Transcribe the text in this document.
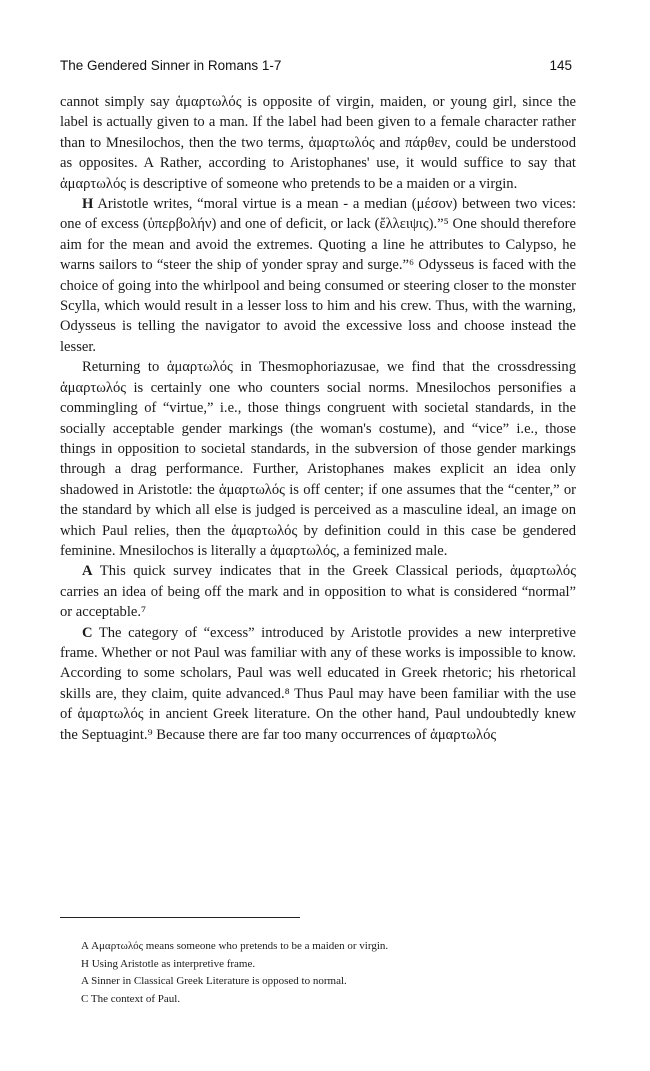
The Gendered Sinner in Romans 1-7	145

cannot simply say ἁμαρτωλός is opposite of virgin, maiden, or young girl, since the label is actually given to a man. If the label had been given to a female character rather than to Mnesilochos, then the two terms, ἁμαρτωλός and πάρθεν, could be understood as opposites. A Rather, according to Aristophanes' use, it would suffice to say that ἁμαρτωλός is descriptive of someone who pretends to be a maiden or a virgin.

H Aristotle writes, “moral virtue is a mean - a median (μέσον) between two vices: one of excess (ὑπερβολήν) and one of deficit, or lack (ἔλλειψις).”⁵ One should therefore aim for the mean and avoid the extremes. Quoting a line he attributes to Calypso, he warns sailors to “steer the ship of yonder spray and surge.”⁶ Odysseus is faced with the choice of going into the whirlpool and being consumed or steering closer to the monster Scylla, which would result in a lesser loss to him and his crew. Thus, with the warning, Odysseus is telling the navigator to avoid the excessive loss and choose instead the lesser.

Returning to ἁμαρτωλός in Thesmophoriazusae, we find that the crossdressing ἁμαρτωλός is certainly one who counters social norms. Mnesilochos personifies a commingling of “virtue,” i.e., those things congruent with societal standards, in the socially acceptable gender markings (the woman's costume), and “vice” i.e., those things in opposition to societal standards, in the subversion of those gender markings through a drag performance. Further, Aristophanes makes explicit an idea only shadowed in Aristotle: the ἁμαρτωλός is off center; if one assumes that the “center,” or the standard by which all else is judged is perceived as a masculine ideal, an image on which Paul relies, then the ἁμαρτωλός by definition could in this case be gendered feminine. Mnesilochos is literally a ἁμαρτωλός, a feminized male.

A This quick survey indicates that in the Greek Classical periods, ἁμαρτωλός carries an idea of being off the mark and in opposition to what is considered “normal” or acceptable.⁷

C The category of “excess” introduced by Aristotle provides a new interpretive frame. Whether or not Paul was familiar with any of these works is impossible to know. According to some scholars, Paul was well educated in Greek rhetoric; his rhetorical skills are, they claim, quite advanced.⁸ Thus Paul may have been familiar with the use of ἁμαρτωλός in ancient Greek literature. On the other hand, Paul undoubtedly knew the Septuagint.⁹ Because there are far too many occurrences of ἁμαρτωλός

A Αμαρτωλός means someone who pretends to be a maiden or virgin.

H Using Aristotle as interpretive frame.

A Sinner in Classical Greek Literature is opposed to normal.

C The context of Paul.
